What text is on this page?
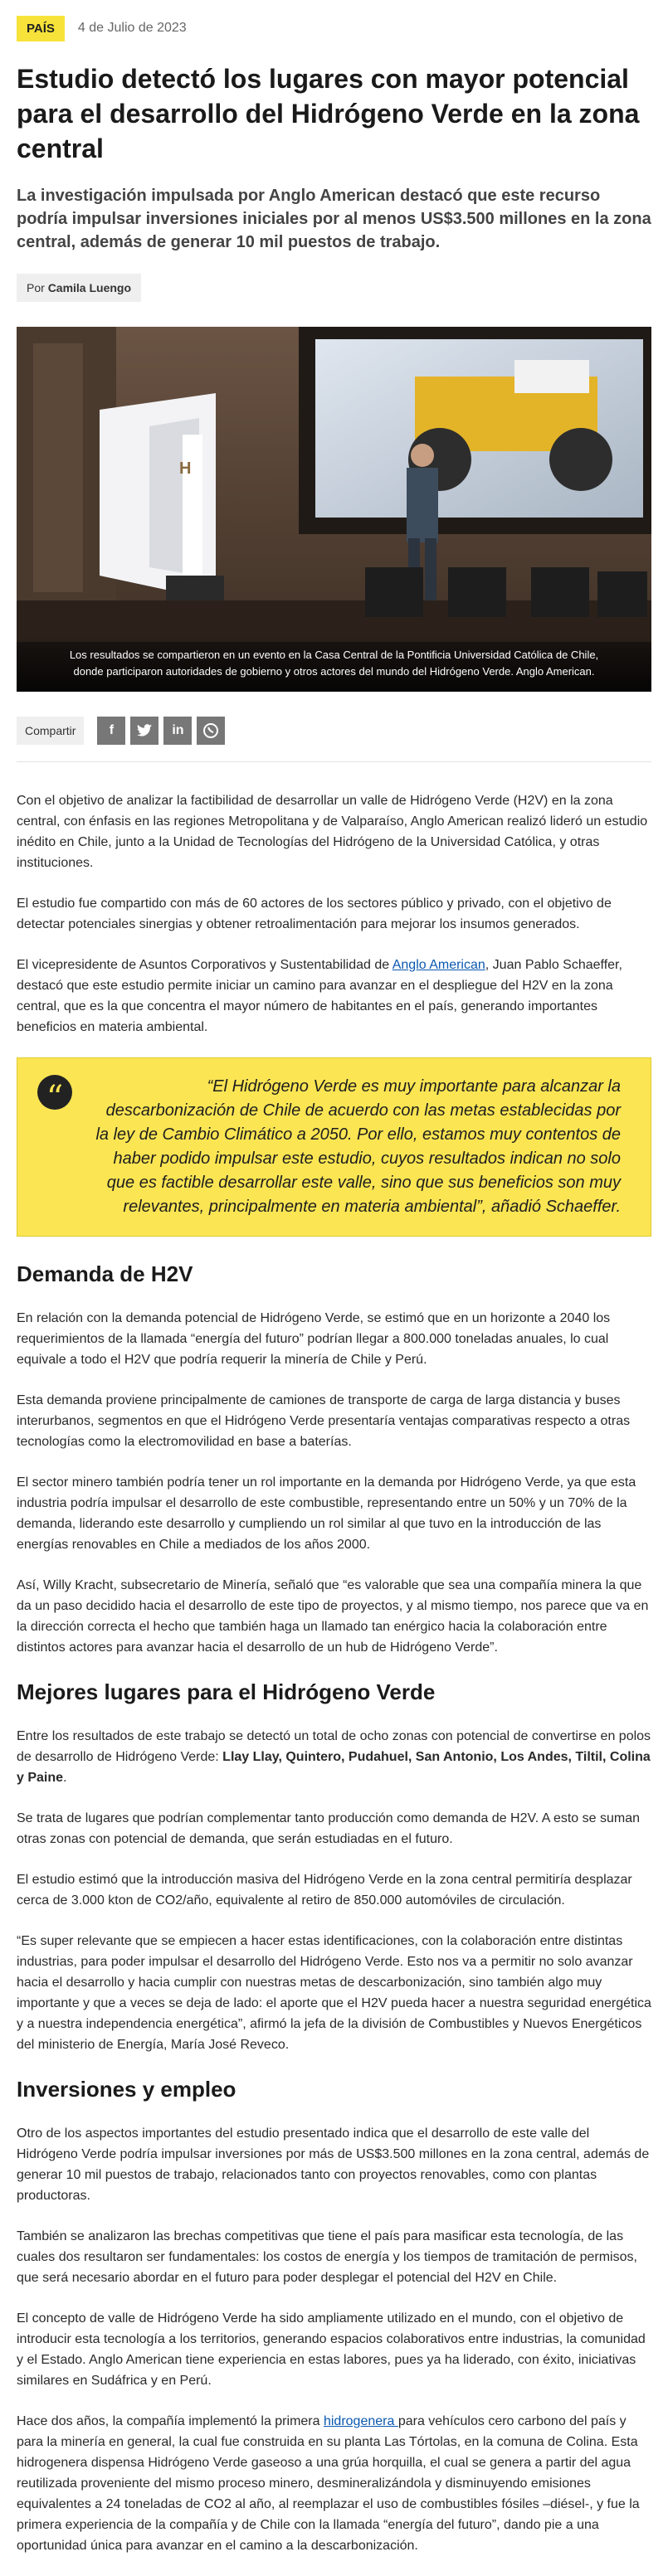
PAÍS	4 de Julio de 2023
Estudio detectó los lugares con mayor potencial para el desarrollo del Hidrógeno Verde en la zona central

La investigación impulsada por Anglo American destacó que este recurso podría impulsar inversiones iniciales por al menos US$3.500 millones en la zona central, además de generar 10 mil puestos de trabajo.

Por Camila Luengo
H
Los resultados se compartieron en un evento en la Casa Central de la Pontificia Universidad Católica de Chile, donde participaron autoridades de gobierno y otros actores del mundo del Hidrógeno Verde. Anglo American.
Compartir	f	in

Con el objetivo de analizar la factibilidad de desarrollar un valle de Hidrógeno Verde (H2V) en la zona central, con énfasis en las regiones Metropolitana y de Valparaíso, Anglo American realizó lideró un estudio inédito en Chile, junto a la Unidad de Tecnologías del Hidrógeno de la Universidad Católica, y otras instituciones.

El estudio fue compartido con más de 60 actores de los sectores público y privado, con el objetivo de detectar potenciales sinergias y obtener retroalimentación para mejorar los insumos generados.

El vicepresidente de Asuntos Corporativos y Sustentabilidad de Anglo American, Juan Pablo Schaeffer, destacó que este estudio permite iniciar un camino para avanzar en el despliegue del H2V en la zona central, que es la que concentra el mayor número de habitantes en el país, generando importantes beneficios en materia ambiental.

“	“El Hidrógeno Verde es muy importante para alcanzar la descarbonización de Chile de acuerdo con las metas establecidas por la ley de Cambio Climático a 2050. Por ello, estamos muy contentos de haber podido impulsar este estudio, cuyos resultados indican no solo que es factible desarrollar este valle, sino que sus beneficios son muy relevantes, principalmente en materia ambiental”, añadió Schaeffer.

Demanda de H2V

En relación con la demanda potencial de Hidrógeno Verde, se estimó que en un horizonte a 2040 los requerimientos de la llamada “energía del futuro” podrían llegar a 800.000 toneladas anuales, lo cual equivale a todo el H2V que podría requerir la minería de Chile y Perú.

Esta demanda proviene principalmente de camiones de transporte de carga de larga distancia y buses interurbanos, segmentos en que el Hidrógeno Verde presentaría ventajas comparativas respecto a otras tecnologías como la electromovilidad en base a baterías.

El sector minero también podría tener un rol importante en la demanda por Hidrógeno Verde, ya que esta industria podría impulsar el desarrollo de este combustible, representando entre un 50% y un 70% de la demanda, liderando este desarrollo y cumpliendo un rol similar al que tuvo en la introducción de las energías renovables en Chile a mediados de los años 2000.

Así, Willy Kracht, subsecretario de Minería, señaló que “es valorable que sea una compañía minera la que da un paso decidido hacia el desarrollo de este tipo de proyectos, y al mismo tiempo, nos parece que va en la dirección correcta el hecho que también haga un llamado tan enérgico hacia la colaboración entre distintos actores para avanzar hacia el desarrollo de un hub de Hidrógeno Verde”.

Mejores lugares para el Hidrógeno Verde

Entre los resultados de este trabajo se detectó un total de ocho zonas con potencial de convertirse en polos de desarrollo de Hidrógeno Verde: Llay Llay, Quintero, Pudahuel, San Antonio, Los Andes, Tiltil, Colina y Paine.

Se trata de lugares que podrían complementar tanto producción como demanda de H2V. A esto se suman otras zonas con potencial de demanda, que serán estudiadas en el futuro.

El estudio estimó que la introducción masiva del Hidrógeno Verde en la zona central permitiría desplazar cerca de 3.000 kton de CO2/año, equivalente al retiro de 850.000 automóviles de circulación.

“Es super relevante que se empiecen a hacer estas identificaciones, con la colaboración entre distintas industrias, para poder impulsar el desarrollo del Hidrógeno Verde. Esto nos va a permitir no solo avanzar hacia el desarrollo y hacia cumplir con nuestras metas de descarbonización, sino también algo muy importante y que a veces se deja de lado: el aporte que el H2V pueda hacer a nuestra seguridad energética y a nuestra independencia energética”, afirmó la jefa de la división de Combustibles y Nuevos Energéticos del ministerio de Energía, María José Reveco.

Inversiones y empleo

Otro de los aspectos importantes del estudio presentado indica que el desarrollo de este valle del Hidrógeno Verde podría impulsar inversiones por más de US$3.500 millones en la zona central, además de generar 10 mil puestos de trabajo, relacionados tanto con proyectos renovables, como con plantas productoras.

También se analizaron las brechas competitivas que tiene el país para masificar esta tecnología, de las cuales dos resultaron ser fundamentales: los costos de energía y los tiempos de tramitación de permisos, que será necesario abordar en el futuro para poder desplegar el potencial del H2V en Chile.

El concepto de valle de Hidrógeno Verde ha sido ampliamente utilizado en el mundo, con el objetivo de introducir esta tecnología a los territorios, generando espacios colaborativos entre industrias, la comunidad y el Estado. Anglo American tiene experiencia en estas labores, pues ya ha liderado, con éxito, iniciativas similares en Sudáfrica y en Perú.

Hace dos años, la compañía implementó la primera hidrogenera para vehículos cero carbono del país y para la minería en general, la cual fue construida en su planta Las Tórtolas, en la comuna de Colina. Esta hidrogenera dispensa Hidrógeno Verde gaseoso a una grúa horquilla, el cual se genera a partir del agua reutilizada proveniente del mismo proceso minero, desmineralizándola y disminuyendo emisiones equivalentes a 24 toneladas de CO2 al año, al reemplazar el uso de combustibles fósiles –diésel-, y fue la primera experiencia de la compañía y de Chile con la llamada “energía del futuro”, dando pie a una oportunidad única para avanzar en el camino a la descarbonización.
